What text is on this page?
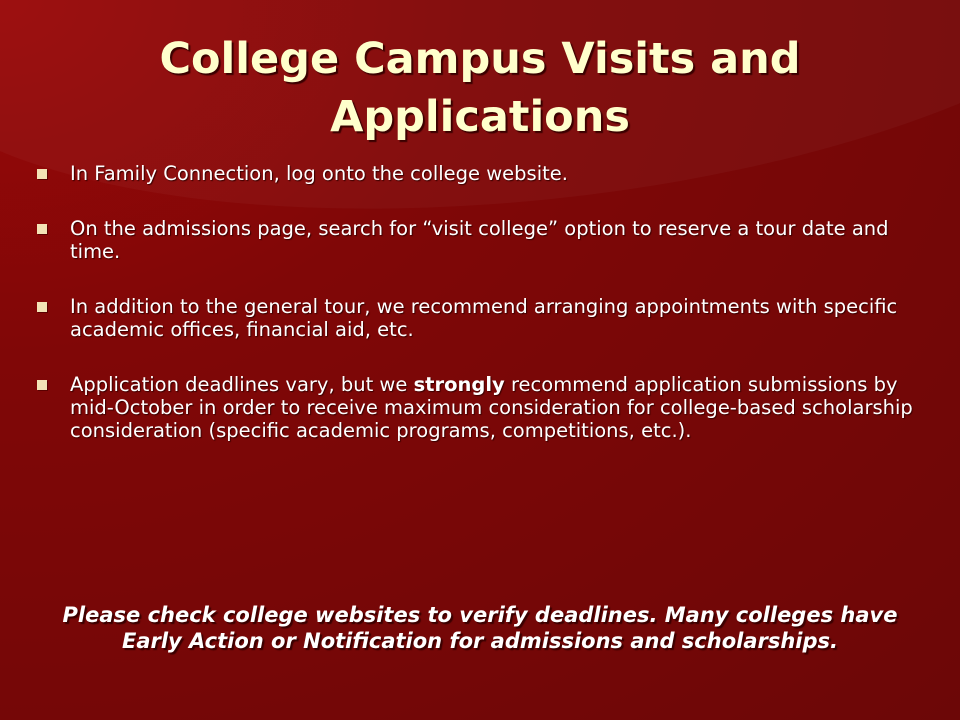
College Campus Visits and Applications
In Family Connection, log onto the college website.
On the admissions page, search for “visit college” option to reserve a tour date and time.
In addition to the general tour, we recommend arranging appointments with specific academic offices, financial aid, etc.
Application deadlines vary, but we strongly recommend application submissions by mid-October in order to receive maximum consideration for college-based scholarship consideration (specific academic programs, competitions, etc.).

Please check college websites to verify deadlines. Many colleges have Early Action or Notification for admissions and scholarships.
